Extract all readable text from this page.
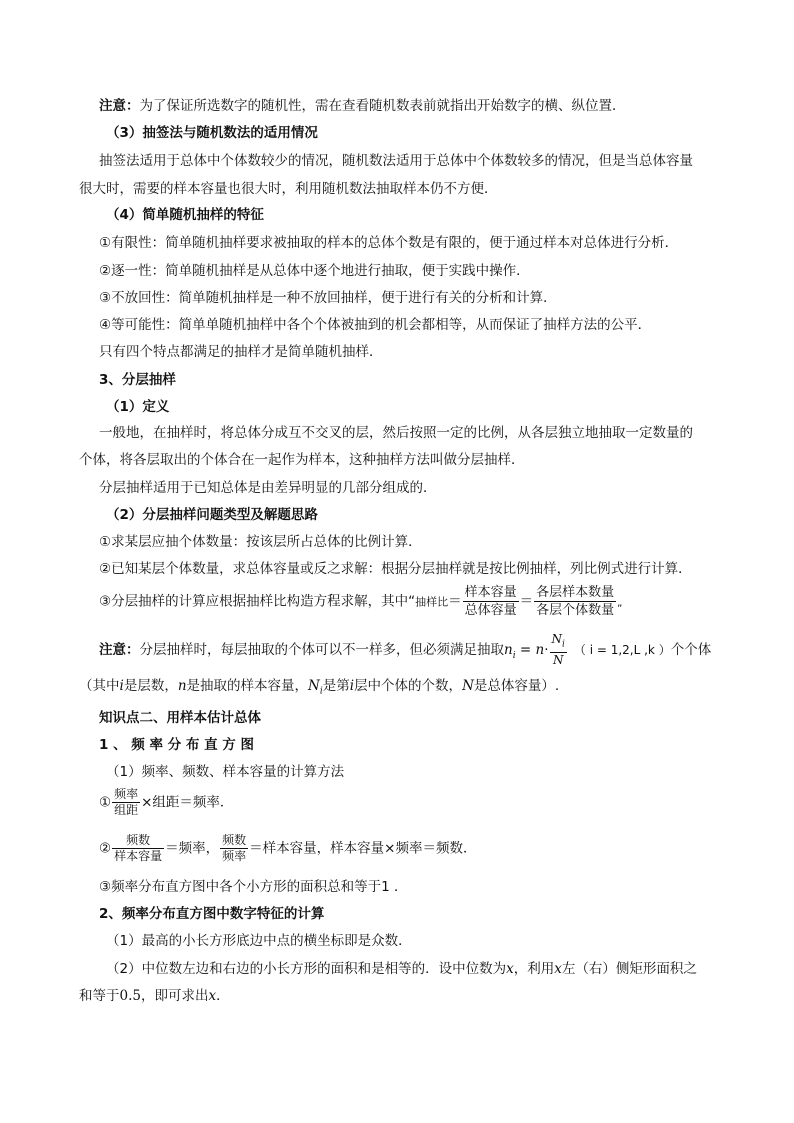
注意：为了保证所选数字的随机性，需在查看随机数表前就指出开始数字的横、纵位置．
（3）抽签法与随机数法的适用情况
抽签法适用于总体中个体数较少的情况，随机数法适用于总体中个体数较多的情况，但是当总体容量
很大时，需要的样本容量也很大时，利用随机数法抽取样本仍不方便．
（4）简单随机抽样的特征
①有限性：简单随机抽样要求被抽取的样本的总体个数是有限的，便于通过样本对总体进行分析．
②逐一性：简单随机抽样是从总体中逐个地进行抽取，便于实践中操作．
③不放回性：简单随机抽样是一种不放回抽样，便于进行有关的分析和计算．
④等可能性：简单单随机抽样中各个个体被抽到的机会都相等，从而保证了抽样方法的公平．
只有四个特点都满足的抽样才是简单随机抽样．
3、分层抽样
（1）定义
一般地，在抽样时，将总体分成互不交叉的层，然后按照一定的比例，从各层独立地抽取一定数量的
个体，将各层取出的个体合在一起作为样本，这种抽样方法叫做分层抽样．
分层抽样适用于已知总体是由差异明显的几部分组成的．
（2）分层抽样问题类型及解题思路
①求某层应抽个体数量：按该层所占总体的比例计算．
②已知某层个体数量，求总体容量或反之求解：根据分层抽样就是按比例抽样，列比例式进行计算．
③分层抽样的计算应根据抽样比构造方程求解，其中“抽样比＝ $\frac{\text{样本容量}}{\text{总体容量}} = \frac{\text{各层样本数量}}{\text{各层个体数量}} _”$
注意：分层抽样时，每层抽取的个体可以不一样多，但必须满足抽取$n_i = n\cdot \frac{N_i}{N}$ （ i = 1,2,L ,k ）个个体
（其中i是层数，n是抽取的样本容量，$N_i$是第i层中个体的个数，N是总体容量）.
知识点二、用样本估计总体
1 、 频 率 分 布 直 方 图
（1）频率、频数、样本容量的计算方法
① $\frac{\text{频率}}{\text{组距}}$ ×组距＝频率．
② $\frac{\text{频数}}{\text{样本容量}}$ ＝频率， $\frac{\text{频数}}{\text{频率}}$ ＝样本容量，样本容量×频率＝频数．
③频率分布直方图中各个小方形的面积总和等于1 ．
2、频率分布直方图中数字特征的计算
（1）最高的小长方形底边中点的横坐标即是众数．
（2）中位数左边和右边的小长方形的面积和是相等的．设中位数为x，利用x左（右）侧矩形面积之
和等于0.5，即可求出x．
